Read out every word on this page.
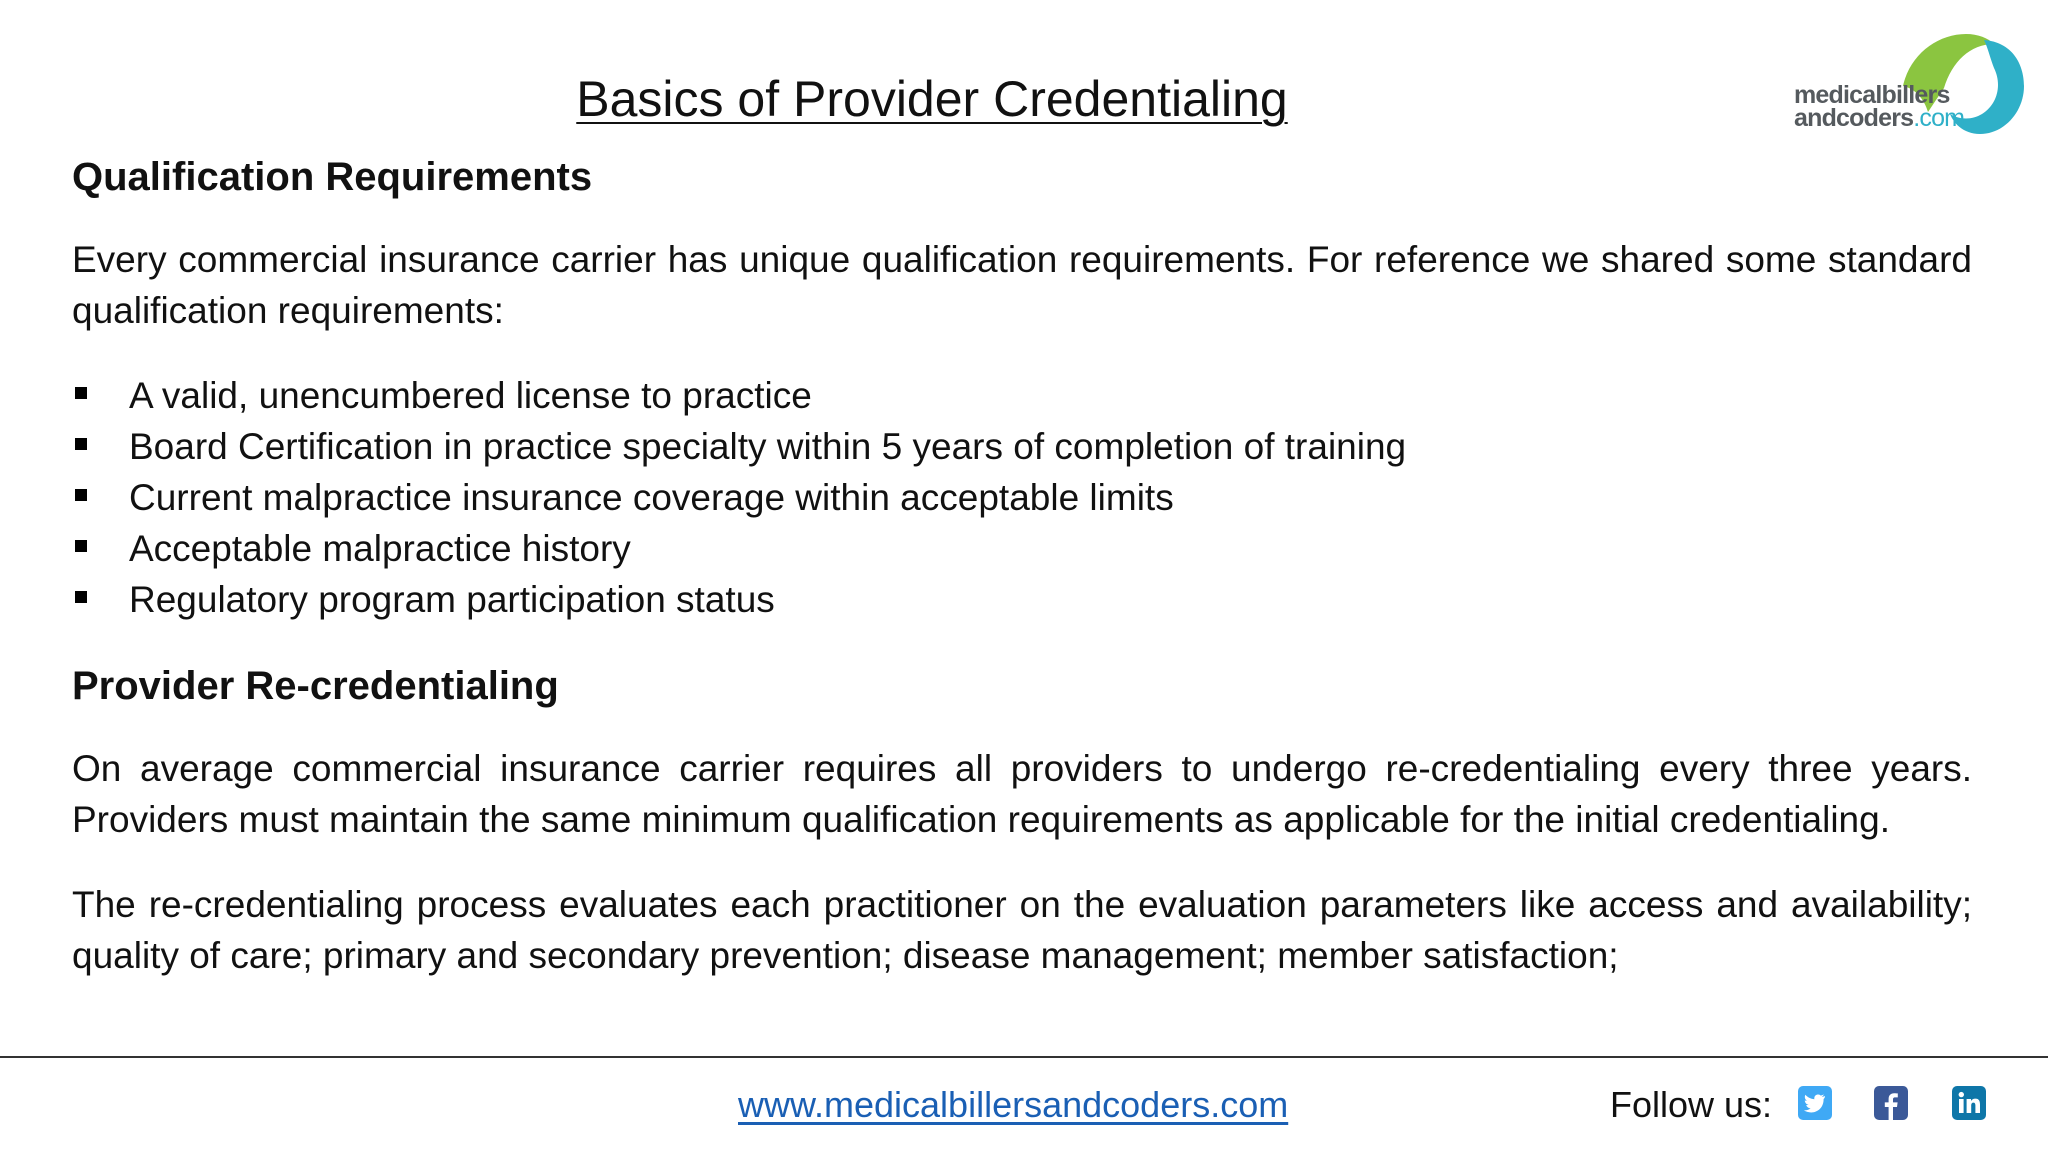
Basics of Provider Credentialing	medicalbillers
andcoders.com
Qualification Requirements

Every commercial insurance carrier has unique qualification requirements. For reference we shared some standard qualification requirements:

A valid, unencumbered license to practice
Board Certification in practice specialty within 5 years of completion of training
Current malpractice insurance coverage within acceptable limits
Acceptable malpractice history
Regulatory program participation status
Provider Re-credentialing

On average commercial insurance carrier requires all providers to undergo re-credentialing every three years. Providers must maintain the same minimum qualification requirements as applicable for the initial credentialing.

The re-credentialing process evaluates each practitioner on the evaluation parameters like access and availability; quality of care; primary and secondary prevention; disease management; member satisfaction;

www.medicalbillersandcoders.com	Follow us:
